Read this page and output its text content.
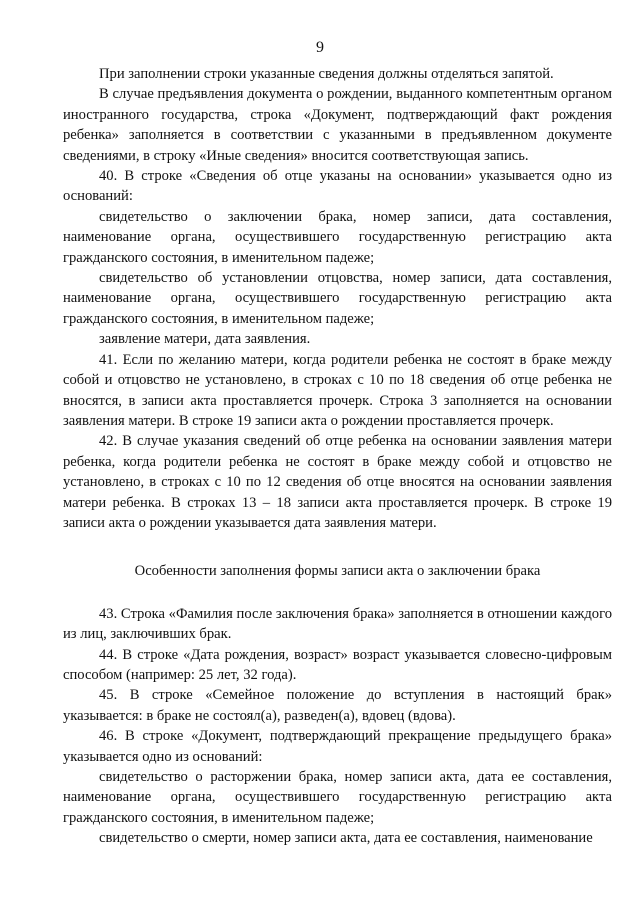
9

При заполнении строки указанные сведения должны отделяться запятой.

В случае предъявления документа о рождении, выданного компетентным органом иностранного государства, строка «Документ, подтверждающий факт рождения ребенка» заполняется в соответствии с указанными в предъявленном документе сведениями, в строку «Иные сведения» вносится соответствующая запись.

40. В строке «Сведения об отце указаны на основании» указывается одно из оснований:

свидетельство о заключении брака, номер записи, дата составления, наименование органа, осуществившего государственную регистрацию акта гражданского состояния, в именительном падеже;

свидетельство об установлении отцовства, номер записи, дата составления, наименование органа, осуществившего государственную регистрацию акта гражданского состояния, в именительном падеже;

заявление матери, дата заявления.

41. Если по желанию матери, когда родители ребенка не состоят в браке между собой и отцовство не установлено, в строках с 10 по 18 сведения об отце ребенка не вносятся, в записи акта проставляется прочерк. Строка 3 заполняется на основании заявления матери. В строке 19 записи акта о рождении проставляется прочерк.

42. В случае указания сведений об отце ребенка на основании заявления матери ребенка, когда родители ребенка не состоят в браке между собой и отцовство не установлено, в строках с 10 по 12 сведения об отце вносятся на основании заявления матери ребенка. В строках 13 – 18 записи акта проставляется прочерк. В строке 19 записи акта о рождении указывается дата заявления матери.

Особенности заполнения формы записи акта о заключении брака

43. Строка «Фамилия после заключения брака» заполняется в отношении каждого из лиц, заключивших брак.

44. В строке «Дата рождения, возраст» возраст указывается словесно-цифровым способом (например: 25 лет, 32 года).

45. В строке «Семейное положение до вступления в настоящий брак» указывается: в браке не состоял(а), разведен(а), вдовец (вдова).

46. В строке «Документ, подтверждающий прекращение предыдущего брака» указывается одно из оснований:

свидетельство о расторжении брака, номер записи акта, дата ее составления, наименование органа, осуществившего государственную регистрацию акта гражданского состояния, в именительном падеже;

свидетельство о смерти, номер записи акта, дата ее составления, наименование
